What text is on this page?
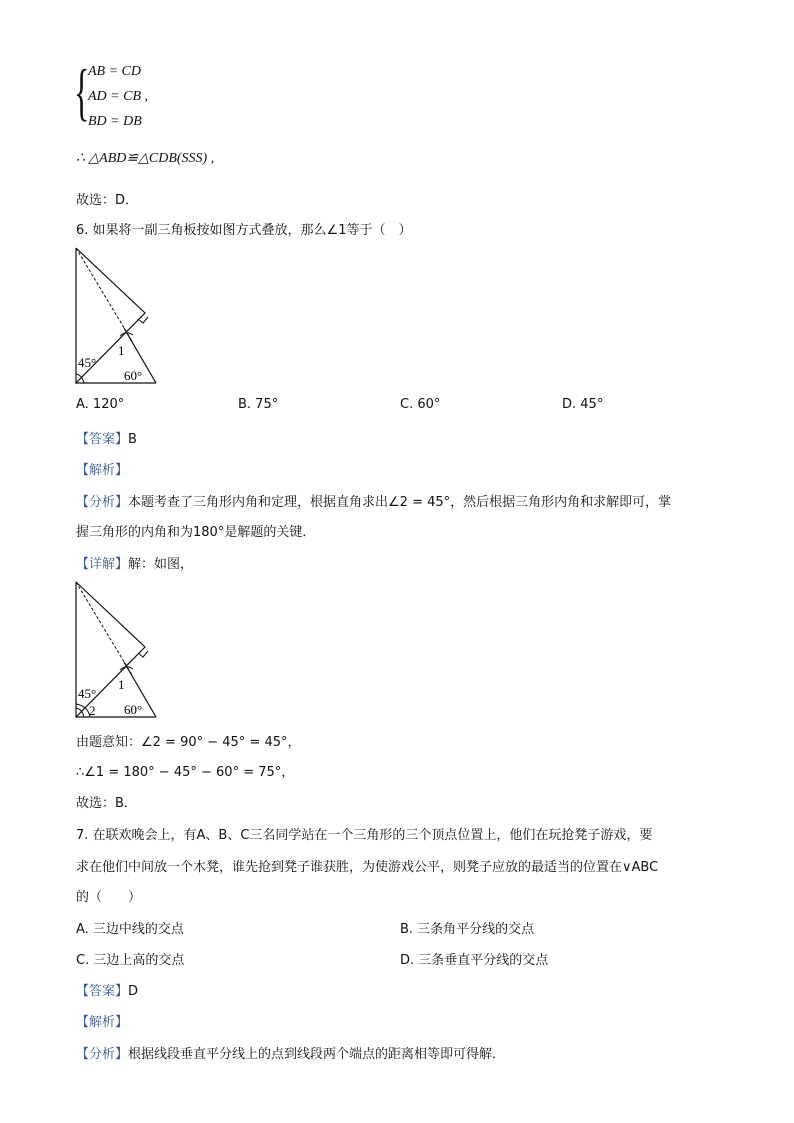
{
AB = CD
AD = CB ,
BD = DB
∴ △ABD≌△CDB(SSS) ,
故选：D．
6. 如果将一副三角板按如图方式叠放，那么∠1等于（　）
45°
1
60°
A. 120°	B. 75°	C. 60°	D. 45°
【答案】B
【解析】
【分析】本题考查了三角形内角和定理，根据直角求出∠2 = 45°，然后根据三角形内角和求解即可，掌
握三角形的内角和为180°是解题的关键．
【详解】解：如图，
45°
2
1
60°
由题意知：∠2 = 90° − 45° = 45°，
∴∠1 = 180° − 45° − 60° = 75°，
故选：B．
7. 在联欢晚会上，有A、B、C三名同学站在一个三角形的三个顶点位置上，他们在玩抢凳子游戏，要
求在他们中间放一个木凳，谁先抢到凳子谁获胜，为使游戏公平，则凳子应放的最适当的位置在∨ABC
的（　　）
A. 三边中线的交点	B. 三条角平分线的交点
C. 三边上高的交点	D. 三条垂直平分线的交点
【答案】D
【解析】
【分析】根据线段垂直平分线上的点到线段两个端点的距离相等即可得解．
